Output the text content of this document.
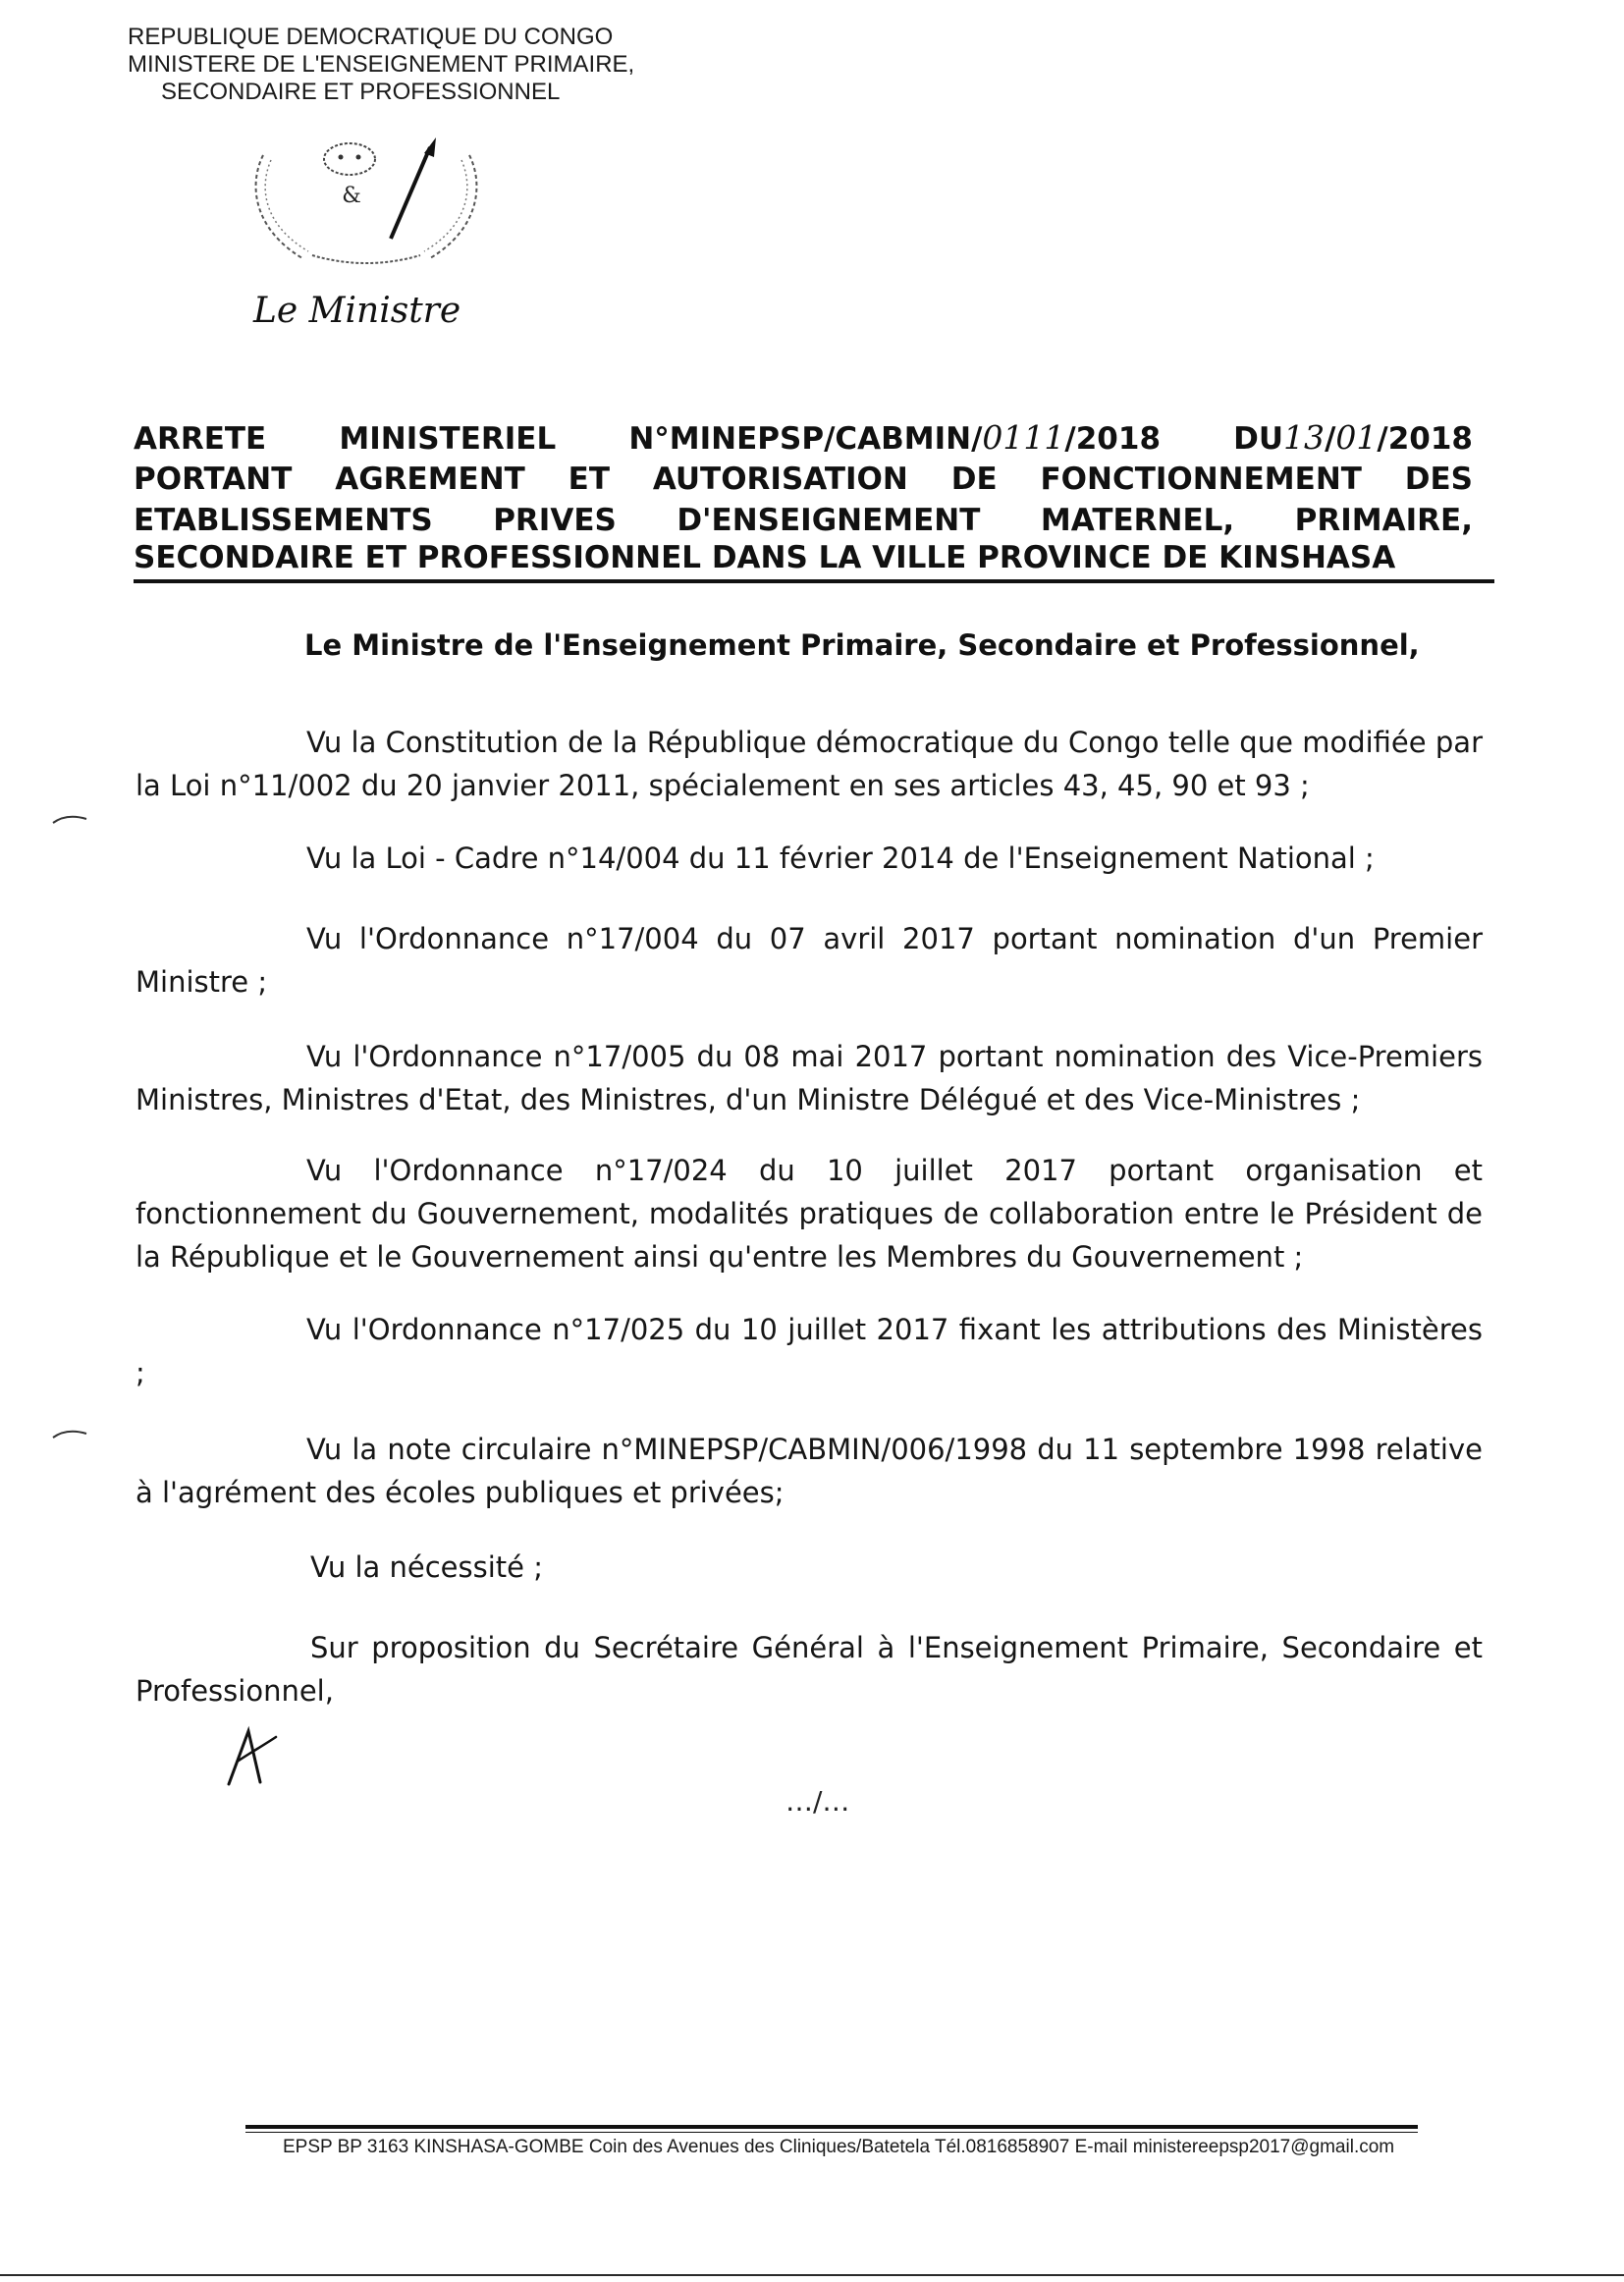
REPUBLIQUE DEMOCRATIQUE DU CONGO
MINISTERE DE L'ENSEIGNEMENT PRIMAIRE,
SECONDAIRE ET PROFESSIONNEL
&
Le Ministre
ARRETE MINISTERIEL N°MINEPSP/CABMIN/0111/2018 DU13/01/2018
PORTANT AGREMENT ET AUTORISATION DE FONCTIONNEMENT DES
ETABLISSEMENTS PRIVES D'ENSEIGNEMENT MATERNEL, PRIMAIRE,
SECONDAIRE ET PROFESSIONNEL DANS LA VILLE PROVINCE DE KINSHASA
Le Ministre de l'Enseignement Primaire, Secondaire et Professionnel,
Vu la Constitution de la République démocratique du Congo telle que modifiée par la Loi n°11/002 du 20 janvier 2011, spécialement en ses articles 43, 45, 90 et 93 ;
Vu la Loi - Cadre n°14/004 du 11 février 2014 de l'Enseignement National ;
Vu l'Ordonnance n°17/004 du 07 avril 2017 portant nomination d'un Premier Ministre ;
Vu l'Ordonnance n°17/005 du 08 mai 2017 portant nomination des Vice-Premiers Ministres, Ministres d'Etat, des Ministres, d'un Ministre Délégué et des Vice-Ministres ;
Vu l'Ordonnance n°17/024 du 10 juillet 2017 portant organisation et fonctionnement du Gouvernement, modalités pratiques de collaboration entre le Président de la République et le Gouvernement ainsi qu'entre les Membres du Gouvernement ;
Vu l'Ordonnance n°17/025 du 10 juillet 2017 fixant les attributions des Ministères ;
Vu la note circulaire n°MINEPSP/CABMIN/006/1998 du 11 septembre 1998 relative à l'agrément des écoles publiques et privées;
Vu la nécessité ;
Sur proposition du Secrétaire Général à l'Enseignement Primaire, Secondaire et Professionnel,
…/…
EPSP BP 3163 KINSHASA-GOMBE Coin des Avenues des Cliniques/Batetela Tél.0816858907 E-mail ministereepsp2017@gmail.com
